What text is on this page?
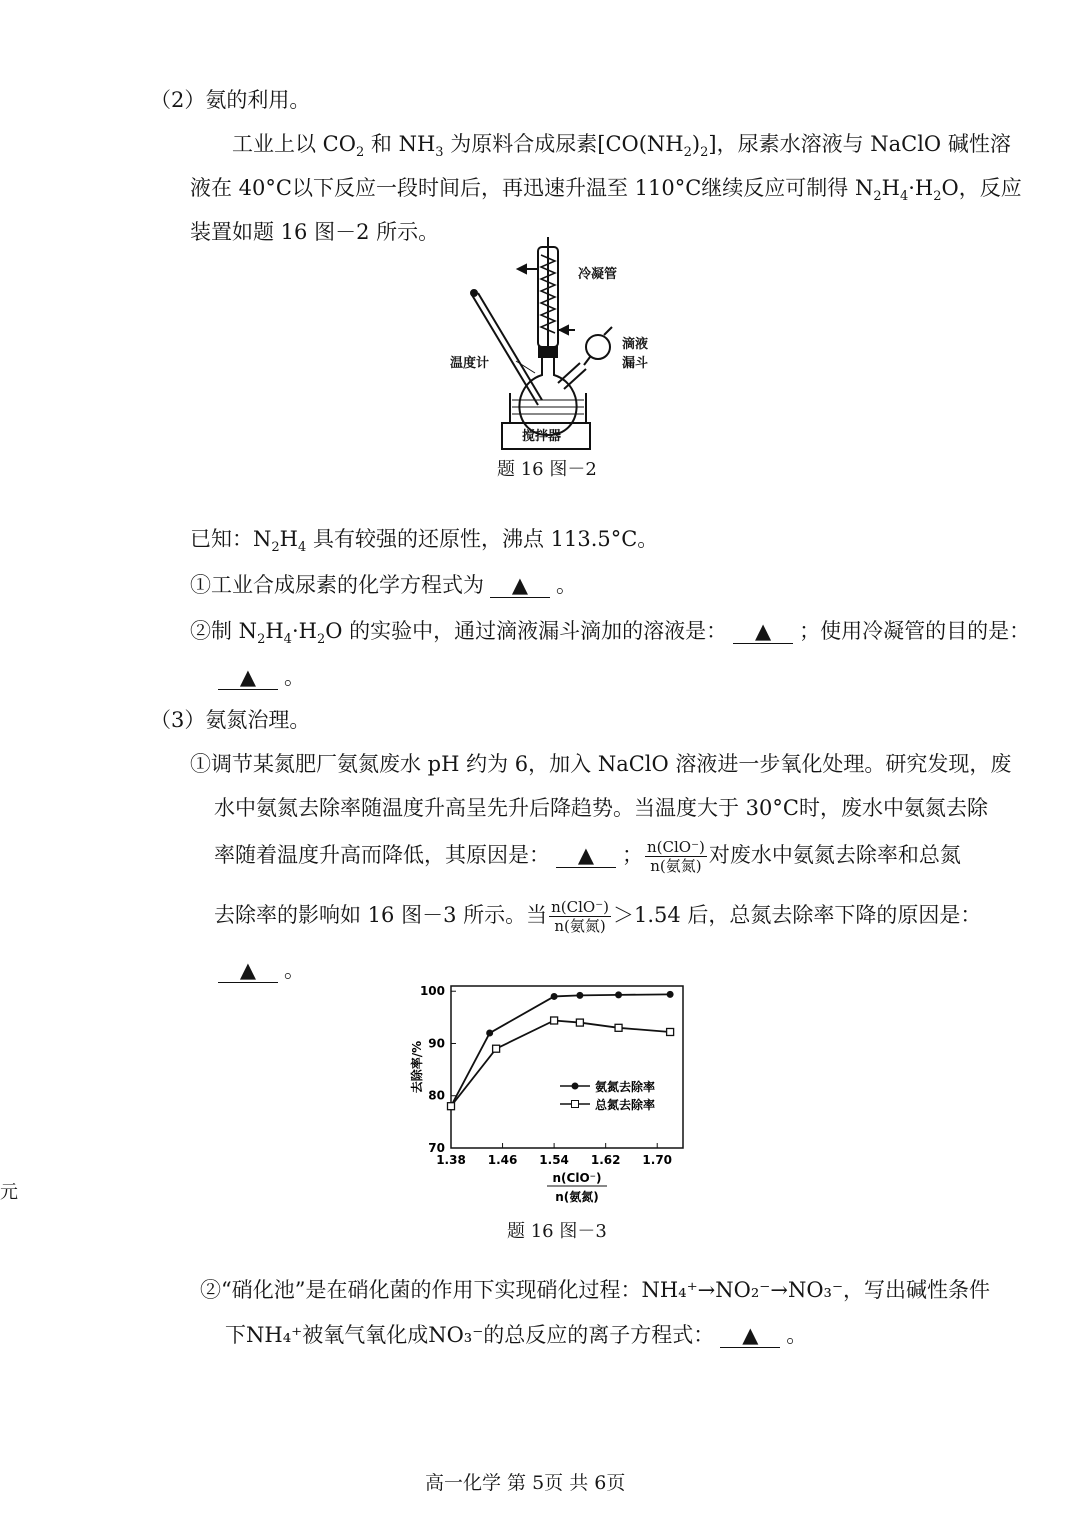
（2）氨的利用。
工业上以 $CO_2$ 和 $NH_3$ 为原料合成尿素$[CO(NH_2)_2]$，尿素水溶液与 NaClO 碱性溶
液在 40°C以下反应一段时间后，再迅速升温至 110°C继续反应可制得 $N_2H_4\cdot H_2O$，反应
装置如题 16 图－2 所示。
冷凝管
滴液
漏斗
温度计
搅拌器
题 16 图－2
已知：$N_2H_4$ 具有较强的还原性，沸点 113.5°C。
①工业合成尿素的化学方程式为 ▲ 。
②制 $N_2H_4\cdot H_2O$ 的实验中，通过滴液漏斗滴加的溶液是： ▲ ；使用冷凝管的目的是：
▲ 。
（3）氨氮治理。
①调节某氮肥厂氨氮废水 pH 约为 6，加入 NaClO 溶液进一步氧化处理。研究发现，废
水中氨氮去除率随温度升高呈先升后降趋势。当温度大于 30°C时，废水中氨氮去除
率随着温度升高而降低，其原因是： ▲ ； $\frac{\text{n(ClO⁻)}}{\text{n(氨氮)}}$ 对废水中氨氮去除率和总氮
去除率的影响如 16 图－3 所示。当 $\frac{\text{n(ClO⁻)}}{\text{n(氨氮)}} >1.54$ 后，总氮去除率下降的原因是：
▲ 。
70
80
90
100
1.38 1.46 1.54 1.62 1.70
去除率/%
n(ClO⁻)
n(氨氮)
氨氮去除率
总氮去除率
题 16 图－3
②“硝化池”是在硝化菌的作用下实现硝化过程：NH₄⁺→NO₂⁻→NO₃⁻，写出碱性条件
下NH₄⁺被氧气氧化成NO₃⁻的总反应的离子方程式： ▲ 。
高一化学 第 5页 共 6页
元
